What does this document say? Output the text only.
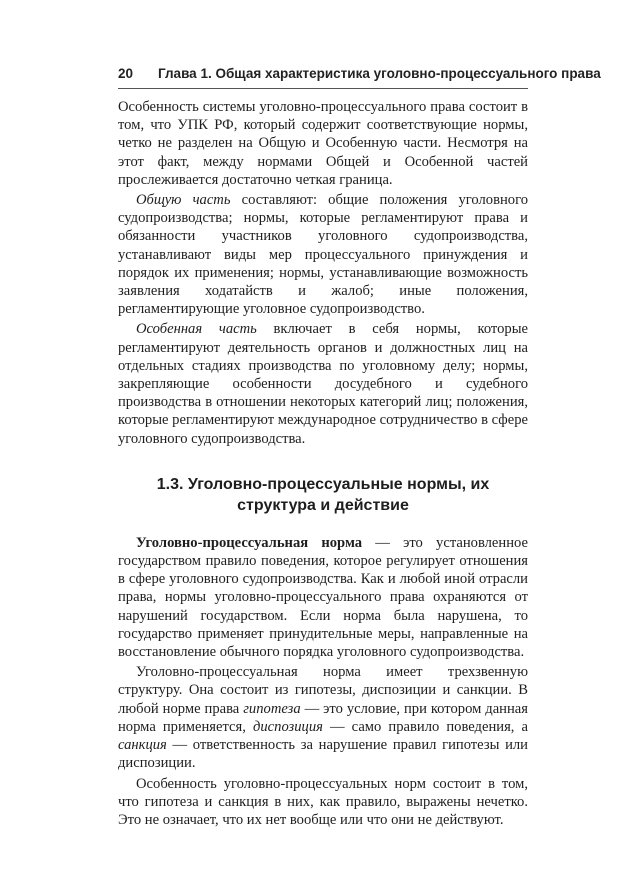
20 Глава 1. Общая характеристика уголовно-процессуального права

Особенность системы уголовно-процессуального права состоит в том, что УПК РФ, который содержит соответствующие нормы, четко не разделен на Общую и Особенную части. Несмотря на этот факт, между нормами Общей и Особенной частей прослеживается достаточно четкая граница.

Общую часть составляют: общие положения уголовного судопроизводства; нормы, которые регламентируют права и обязанности участников уголовного судопроизводства, устанавливают виды мер процессуального принуждения и порядок их применения; нормы, устанавливающие возможность заявления ходатайств и жалоб; иные положения, регламентирующие уголовное судопроизводство.

Особенная часть включает в себя нормы, которые регламентируют деятельность органов и должностных лиц на отдельных стадиях производства по уголовному делу; нормы, закрепляющие особенности досудебного и судебного производства в отношении некоторых категорий лиц; положения, которые регламентируют международное сотрудничество в сфере уголовного судопроизводства.

1.3. Уголовно-процессуальные нормы, их структура и действие

Уголовно-процессуальная норма — это установленное государством правило поведения, которое регулирует отношения в сфере уголовного судопроизводства. Как и любой иной отрасли права, нормы уголовно-процессуального права охраняются от нарушений государством. Если норма была нарушена, то государство применяет принудительные меры, направленные на восстановление обычного порядка уголовного судопроизводства.

Уголовно-процессуальная норма имеет трехзвенную структуру. Она состоит из гипотезы, диспозиции и санкции. В любой норме права гипотеза — это условие, при котором данная норма применяется, диспозиция — само правило поведения, а санкция — ответственность за нарушение правил гипотезы или диспозиции.

Особенность уголовно-процессуальных норм состоит в том, что гипотеза и санкция в них, как правило, выражены нечетко. Это не означает, что их нет вообще или что они не действуют.
